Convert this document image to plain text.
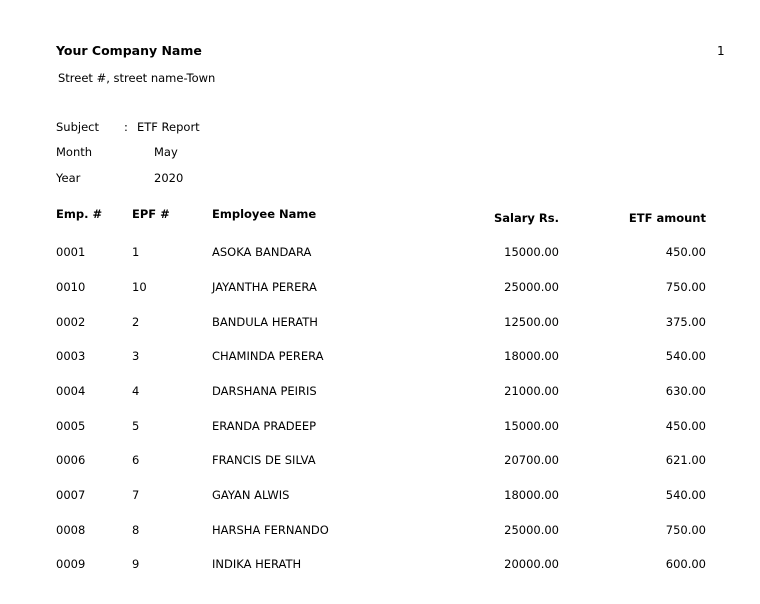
Your Company Name	1
Street #, street name-Town
Subject : ETF Report
Month	May
Year	2020
Emp. #	EPF #	Employee Name	Salary Rs.	ETF amount
0001	1	ASOKA BANDARA	15000.00	450.00
0010	10	JAYANTHA PERERA	25000.00	750.00
0002	2	BANDULA HERATH	12500.00	375.00
0003	3	CHAMINDA PERERA	18000.00	540.00
0004	4	DARSHANA PEIRIS	21000.00	630.00
0005	5	ERANDA PRADEEP	15000.00	450.00
0006	6	FRANCIS DE SILVA	20700.00	621.00
0007	7	GAYAN ALWIS	18000.00	540.00
0008	8	HARSHA FERNANDO	25000.00	750.00
0009	9	INDIKA HERATH	20000.00	600.00
